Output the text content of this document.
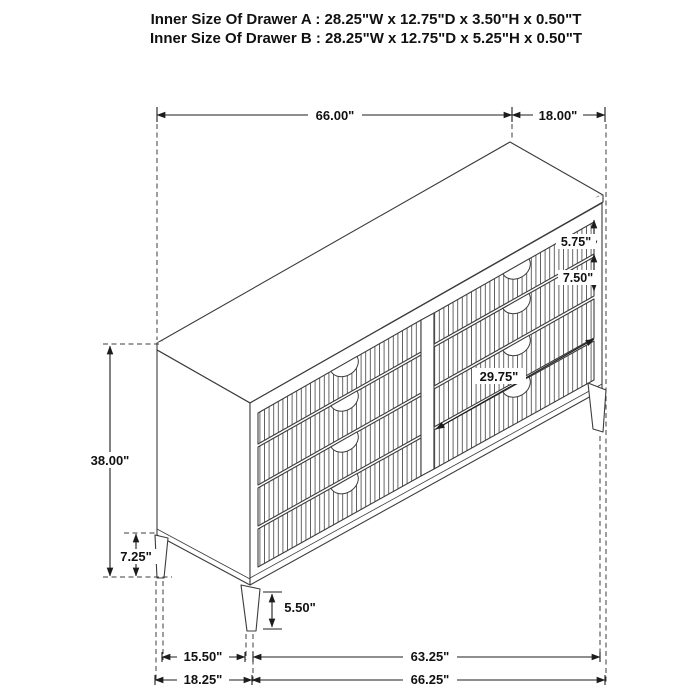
66.00"	18.00"
38.00"
7.25"
5.50"
5.75"
7.50"
29.75"
15.50"	63.25"
18.25"	66.25"
Inner Size Of Drawer A : 28.25"W x 12.75"D x 3.50"H x 0.50"T
Inner Size Of Drawer B : 28.25"W x 12.75"D x 5.25"H x 0.50"T
